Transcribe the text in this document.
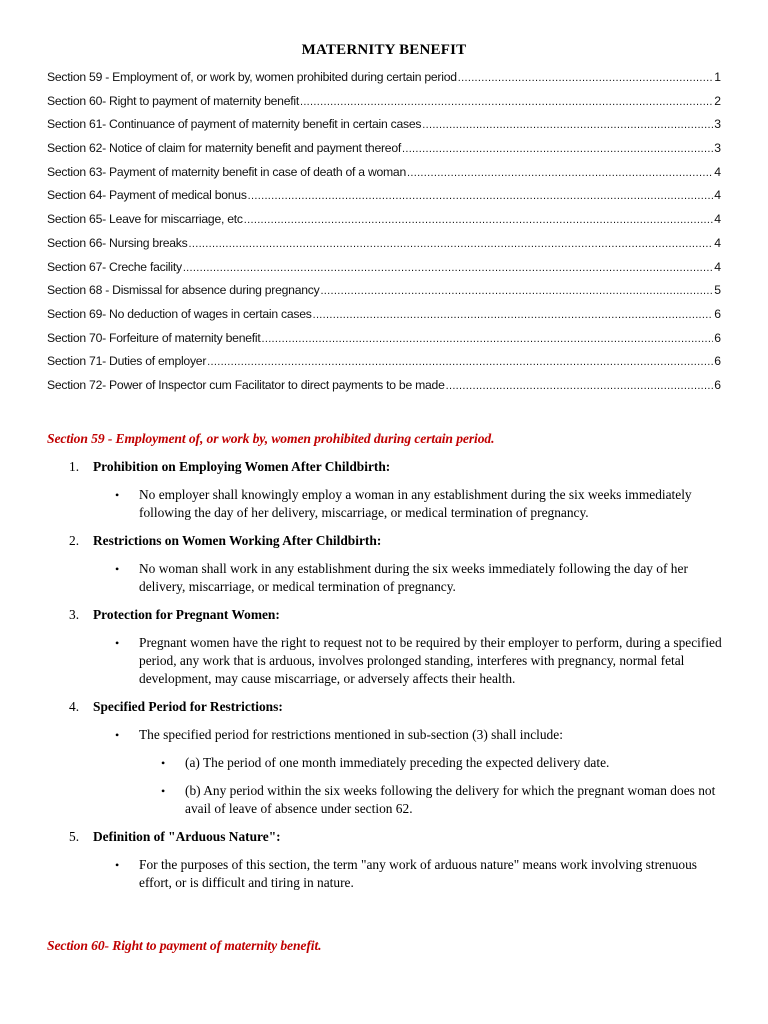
MATERNITY BENEFIT
Section 59 - Employment of, or work by, women prohibited during certain period .....	1
Section 60- Right to payment of maternity benefit .....	2
Section 61- Continuance of payment of maternity benefit in certain cases .....	3
Section 62- Notice of claim for maternity benefit and payment thereof .....	3
Section 63- Payment of maternity benefit in case of death of a woman .....	4
Section 64- Payment of medical bonus .....	4
Section 65- Leave for miscarriage, etc .....	4
Section 66- Nursing breaks .....	4
Section 67- Creche facility .....	4
Section 68 - Dismissal for absence during pregnancy .....	5
Section 69- No deduction of wages in certain cases .....	6
Section 70- Forfeiture of maternity benefit .....	6
Section 71- Duties of employer .....	6
Section 72- Power of Inspector cum Facilitator to direct payments to be made .....	6

Section 59 - Employment of, or work by, women prohibited during certain period.

1. Prohibition on Employing Women After Childbirth:
• No employer shall knowingly employ a woman in any establishment during the six weeks immediately following the day of her delivery, miscarriage, or medical termination of pregnancy.
2. Restrictions on Women Working After Childbirth:
• No woman shall work in any establishment during the six weeks immediately following the day of her delivery, miscarriage, or medical termination of pregnancy.
3. Protection for Pregnant Women:
• Pregnant women have the right to request not to be required by their employer to perform, during a specified period, any work that is arduous, involves prolonged standing, interferes with pregnancy, normal fetal development, may cause miscarriage, or adversely affects their health.
4. Specified Period for Restrictions:
• The specified period for restrictions mentioned in sub-section (3) shall include:
• (a) The period of one month immediately preceding the expected delivery date.
• (b) Any period within the six weeks following the delivery for which the pregnant woman does not avail of leave of absence under section 62.
5. Definition of "Arduous Nature":
• For the purposes of this section, the term "any work of arduous nature" means work involving strenuous effort, or is difficult and tiring in nature.

Section 60- Right to payment of maternity benefit.
